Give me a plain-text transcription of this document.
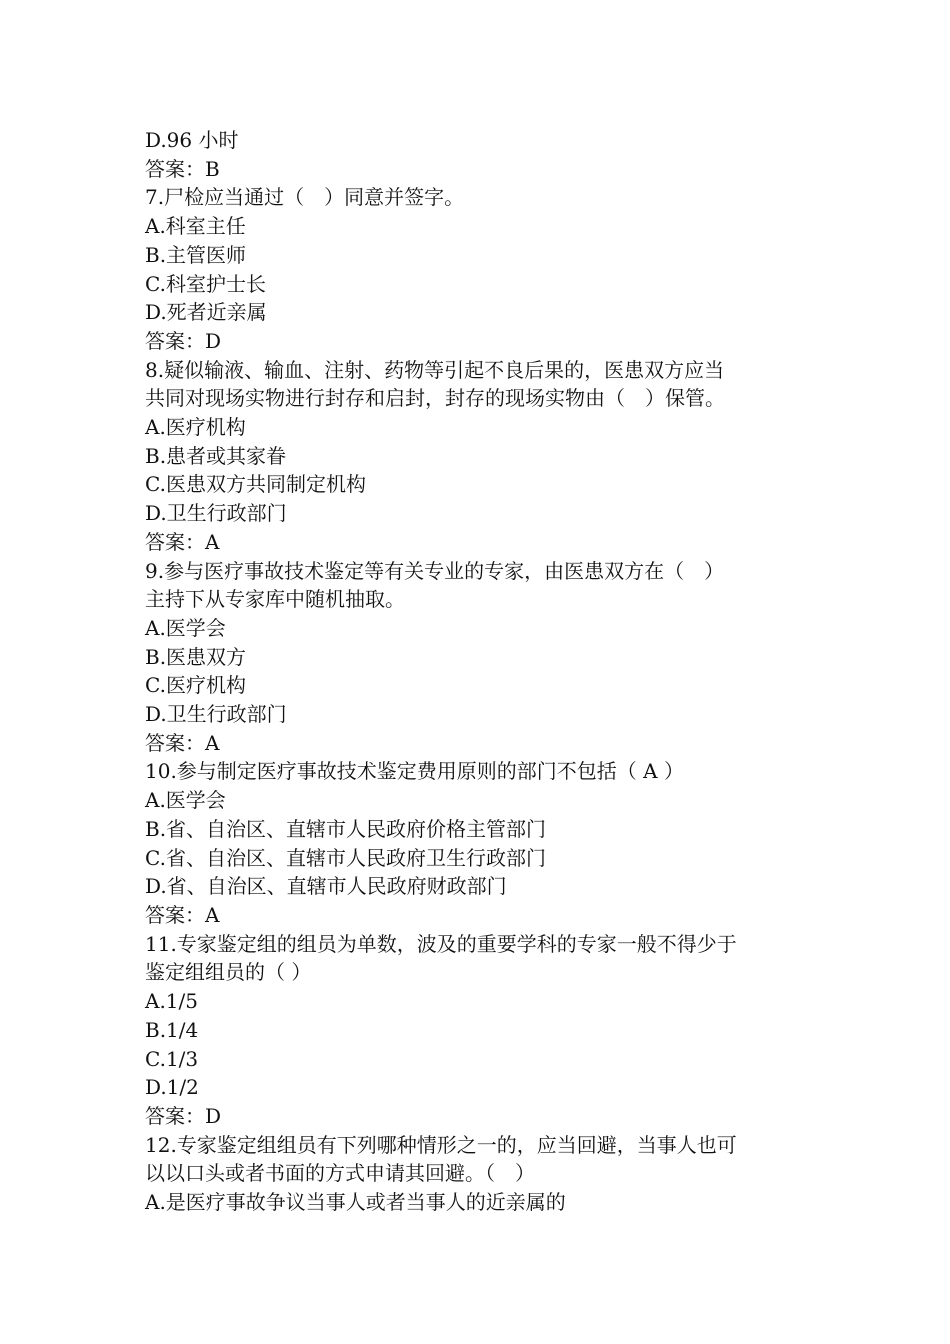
D.96 小时

答案：B

7.尸检应当通过（　）同意并签字。

A.科室主任

B.主管医师

C.科室护士长

D.死者近亲属

答案：D

8.疑似输液、输血、注射、药物等引起不良后果的，医患双方应当

共同对现场实物进行封存和启封，封存的现场实物由（　）保管。

A.医疗机构

B.患者或其家眷

C.医患双方共同制定机构

D.卫生行政部门

答案：A

9.参与医疗事故技术鉴定等有关专业的专家，由医患双方在（　）

主持下从专家库中随机抽取。

A.医学会

B.医患双方

C.医疗机构

D.卫生行政部门

答案：A

10.参与制定医疗事故技术鉴定费用原则的部门不包括（ A ）

A.医学会

B.省、自治区、直辖市人民政府价格主管部门

C.省、自治区、直辖市人民政府卫生行政部门

D.省、自治区、直辖市人民政府财政部门

答案：A

11.专家鉴定组的组员为单数，波及的重要学科的专家一般不得少于

鉴定组组员的（ ）

A.1/5

B.1/4

C.1/3

D.1/2

答案：D

12.专家鉴定组组员有下列哪种情形之一的，应当回避，当事人也可

以以口头或者书面的方式申请其回避。（　）

A.是医疗事故争议当事人或者当事人的近亲属的
